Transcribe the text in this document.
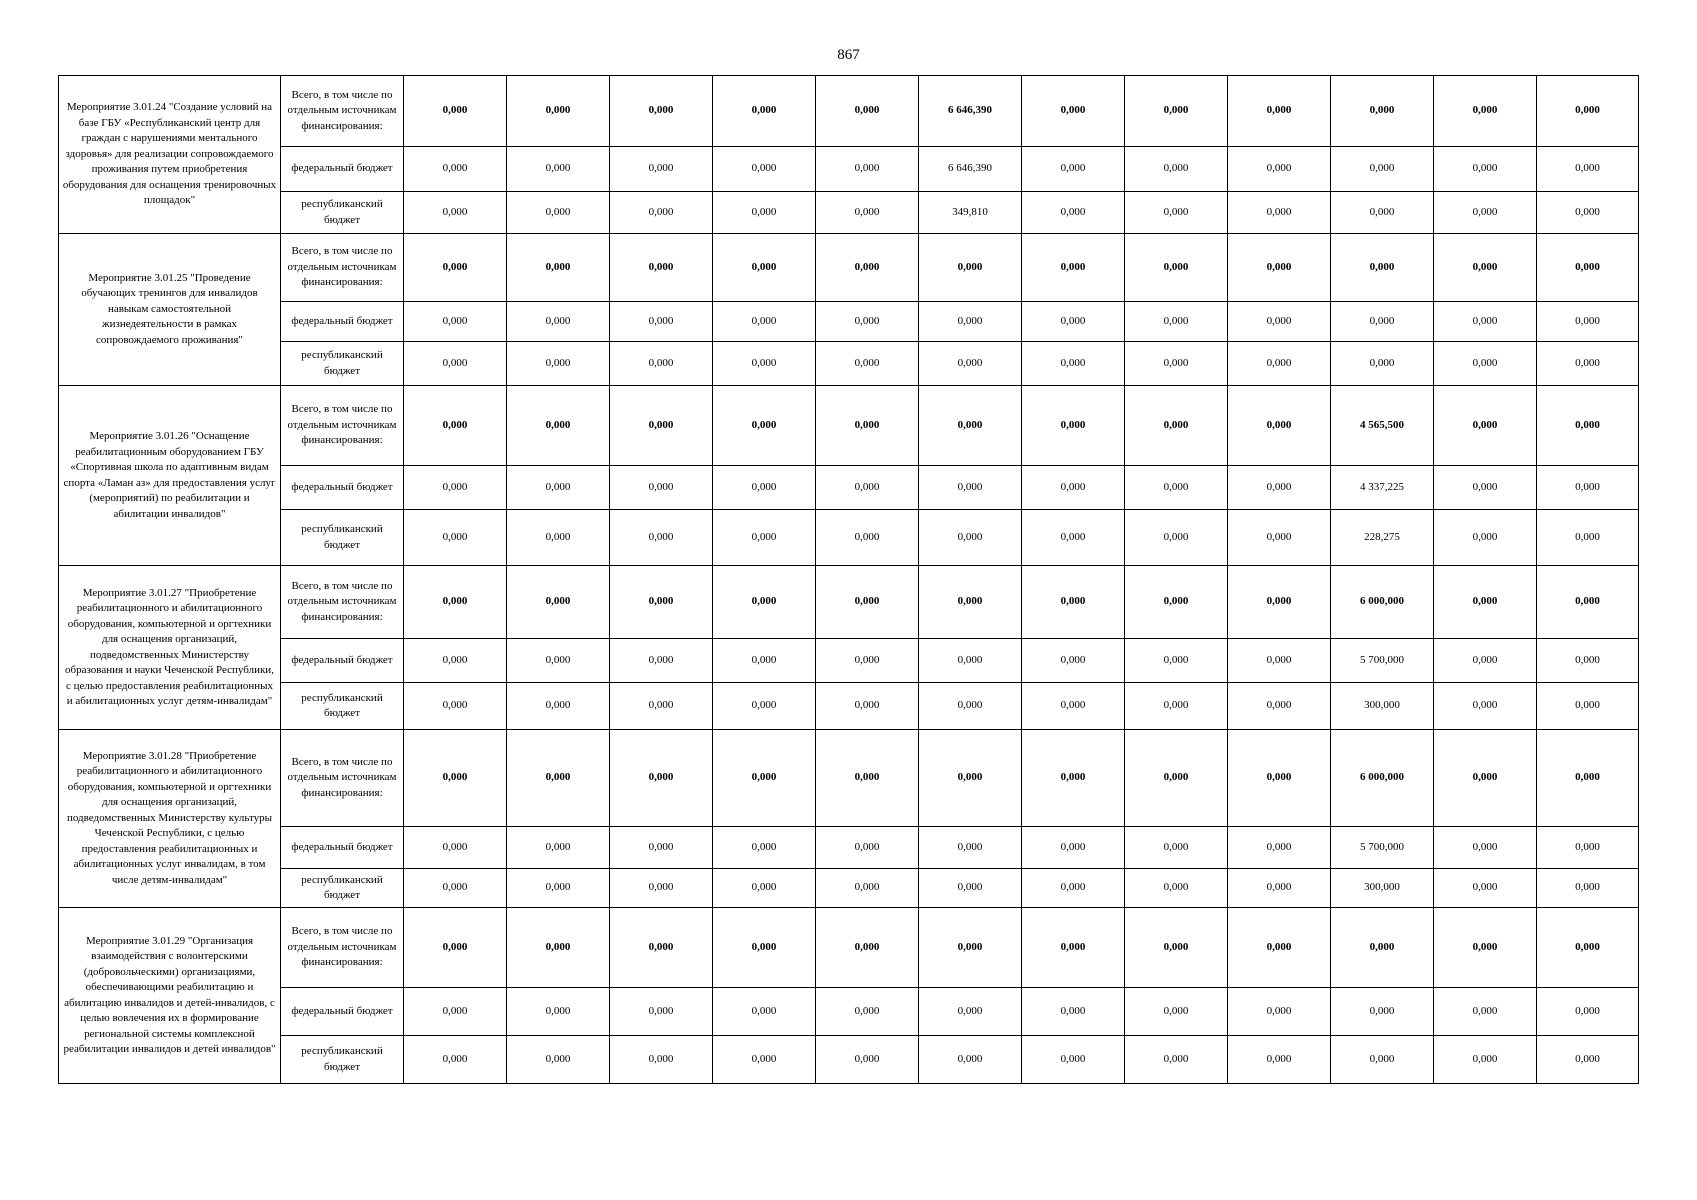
867
Мероприятие 3.01.24 "Создание условий на базе ГБУ «Республиканский центр для граждан с нарушениями ментального здоровья» для реализации сопровождаемого проживания путем приобретения оборудования для оснащения тренировочных площадок"	Всего, в том числе по отдельным источникам финансирования:	0,000	0,000	0,000	0,000	0,000	6 646,390	0,000	0,000	0,000	0,000	0,000	0,000
	федеральный бюджет	0,000	0,000	0,000	0,000	0,000	6 646,390	0,000	0,000	0,000	0,000	0,000	0,000
	республиканский бюджет	0,000	0,000	0,000	0,000	0,000	349,810	0,000	0,000	0,000	0,000	0,000	0,000
Мероприятие 3.01.25 "Проведение обучающих тренингов для инвалидов навыкам самостоятельной жизнедеятельности в рамках сопровождаемого проживания"	Всего, в том числе по отдельным источникам финансирования:	0,000	0,000	0,000	0,000	0,000	0,000	0,000	0,000	0,000	0,000	0,000	0,000
	федеральный бюджет	0,000	0,000	0,000	0,000	0,000	0,000	0,000	0,000	0,000	0,000	0,000	0,000
	республиканский бюджет	0,000	0,000	0,000	0,000	0,000	0,000	0,000	0,000	0,000	0,000	0,000	0,000
Мероприятие 3.01.26 "Оснащение реабилитационным оборудованием ГБУ «Спортивная школа по адаптивным видам спорта «Ламан аз» для предоставления услуг (мероприятий) по реабилитации и абилитации инвалидов"	Всего, в том числе по отдельным источникам финансирования:	0,000	0,000	0,000	0,000	0,000	0,000	0,000	0,000	0,000	4 565,500	0,000	0,000
	федеральный бюджет	0,000	0,000	0,000	0,000	0,000	0,000	0,000	0,000	0,000	4 337,225	0,000	0,000
	республиканский бюджет	0,000	0,000	0,000	0,000	0,000	0,000	0,000	0,000	0,000	228,275	0,000	0,000
Мероприятие 3.01.27 "Приобретение реабилитационного и абилитационного оборудования, компьютерной и оргтехники для оснащения организаций, подведомственных Министерству образования и науки Чеченской Республики, с целью предоставления реабилитационных и абилитационных услуг детям-инвалидам"	Всего, в том числе по отдельным источникам финансирования:	0,000	0,000	0,000	0,000	0,000	0,000	0,000	0,000	0,000	6 000,000	0,000	0,000
	федеральный бюджет	0,000	0,000	0,000	0,000	0,000	0,000	0,000	0,000	0,000	5 700,000	0,000	0,000
	республиканский бюджет	0,000	0,000	0,000	0,000	0,000	0,000	0,000	0,000	0,000	300,000	0,000	0,000
Мероприятие 3.01.28 "Приобретение реабилитационного и абилитационного оборудования, компьютерной и оргтехники для оснащения организаций, подведомственных Министерству культуры Чеченской Республики, с целью предоставления реабилитационных и абилитационных услуг инвалидам, в том числе детям-инвалидам"	Всего, в том числе по отдельным источникам финансирования:	0,000	0,000	0,000	0,000	0,000	0,000	0,000	0,000	0,000	6 000,000	0,000	0,000
	федеральный бюджет	0,000	0,000	0,000	0,000	0,000	0,000	0,000	0,000	0,000	5 700,000	0,000	0,000
	республиканский бюджет	0,000	0,000	0,000	0,000	0,000	0,000	0,000	0,000	0,000	300,000	0,000	0,000
Мероприятие 3.01.29 "Организация взаимодействия с волонтерскими (добровольческими) организациями, обеспечивающими реабилитацию и абилитацию инвалидов и детей-инвалидов, с целью вовлечения их в формирование региональной системы комплексной реабилитации инвалидов и детей инвалидов"	Всего, в том числе по отдельным источникам финансирования:	0,000	0,000	0,000	0,000	0,000	0,000	0,000	0,000	0,000	0,000	0,000	0,000
	федеральный бюджет	0,000	0,000	0,000	0,000	0,000	0,000	0,000	0,000	0,000	0,000	0,000	0,000
	республиканский бюджет	0,000	0,000	0,000	0,000	0,000	0,000	0,000	0,000	0,000	0,000	0,000	0,000
